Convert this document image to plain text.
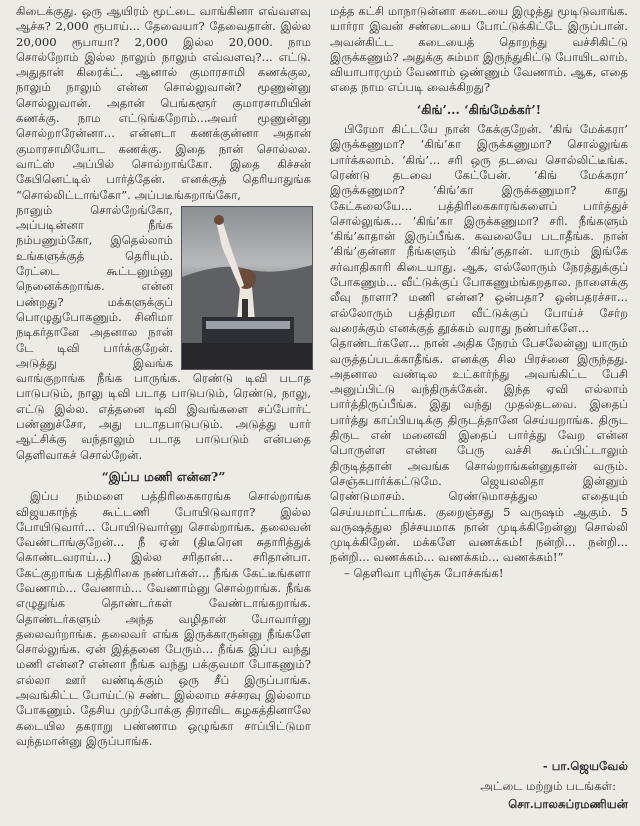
கிடைக்குது. ஒரு ஆயிரம் மூட்டை வாங்கினா எவ்வளவு ஆச்சு? 2,000 ரூபாய்... தேவையா? தேவைதான். இல்ல 20,000 ரூபாயா? 2,000 இல்ல 20,000. நாம சொல்றோம் இல்ல நாலும் நாலும் எவ்வளவு?... எட்டு. அதுதான் கிரைக்ட். ஆனால் குமாரசாமி கணக்குல, நாலும் நாலும் என்ன சொல்லுவான்? மூணுன்னு சொல்லுவான். அதான் பெங்களூர் குமாரசாமியின் கணக்கு. நாம எட்டுங்கறோம்...அவா் மூணுன்னு சொல்றாரேன்னா... என்னடா கணக்குன்னா அதான் குமாரசாமியோட கணக்கு. இதை நான் சொல்லல. வாட்ஸ் அப்பில் சொல்றாங்கோ. இதை கிச்சன் கேபினெட்டில் பார்த்தேன். எனக்குத் தெரியாதுங்க “சொல்லிட்டாங்கோ”. அப்படீங்கறாங்கோ,

நானும் சொல்றேங்கோ, அப்படின்னா நீங்க நம்பணும்கோ, இதெல்லாம் உங்களுக்குத் தெரியும். ரேட்டை கூட்டனும்னு நெனைக்கறாங்க. என்ன பண்றது? மக்களுக்குப் பொழுதுபோகணும். சினிமா நடிகர்தானே அதனால நான் டே டிவி பார்க்குறேன். அடுத்து இவங்க வாங்குறாங்க நீங்க பாருங்க. ரெண்டு டிவி படாத பாடுபடும், நாலு டிவி படாத பாடுபடும், ரெண்டு, நாலு, எட்டு இல்ல. எத்தனை டிவி இவங்களை சப்போர்ட் பண்ணுச்சோ, அது படாதபாடுபடும். அடுத்து யார் ஆட்சிக்கு வந்தாலும் படாத பாடுபடும் என்பதை தெளிவாகச் சொல்றேன்.

“இப்ப மணி என்ன?”

இப்ப நம்மளை பத்திரிகைகாரங்க சொல்றாங்க விஜயகாந்த் கூட்டணி போயிடுவாரா? இல்ல போயிடுவார்... போயிடுவார்னு சொல்றாங்க. தலைவன் வேண்டாங்குறேன்... நீ ஏன் (திடீரென சுதாரித்துக் கொண்டவராய்...) இல்ல சரிதான்... சரிதான்பா. கேட்குறாங்க பத்திரிகை நண்பர்கள்... நீங்க கேட்டீங்களா வேணாம்... வேணாம்... வேணாம்னு சொல்றாங்க. நீங்க எழுதுங்க தொண்டர்கள் வேண்டாங்கறாங்க. தொண்டர்களும் அந்த வழிதான் போவார்னு தலைவர்றாங்க. தலைவர் எங்க இருக்காருன்னு நீங்களே சொல்லுங்க. ஏன் இத்தனை பேரும்... நீங்க இப்ப வந்து மணி என்ன? என்னா நீங்க வந்து பக்குவமா போகணும்? எல்லா ஊர் வண்டிக்கும் ஒரு சீப் இருப்பாங்க. அவங்கிட்ட போய்ட்டு சண்ட இல்லாம சச்சரவு இல்லாம போகணும். தேசிய முற்போக்கு திராவிட கழகத்தினாலே கடையில தகராறு பண்ணாம ஒழுங்கா சாப்பிட்டுமா வந்தமான்னு இருப்பாங்க.

மத்த கட்சி மாநாடுன்னா கடையை இழுத்து மூடிடுவாங்க. யார்ரா இவன் சண்டையை போட்டுக்கிட்டே இருப்பான். அவன்கிட்ட கடையைத் தொறந்து வச்சிகிட்டு இருக்கணும்? அதுக்கு சும்மா இருந்துகிட்டு போயிடலாம். வியாபாரமும் வேணாம் ஒண்ணும் வேணாம். ஆக, எதை எதை நாம எப்படி வைக்கிறது?

‘கிங்’... ‘கிங்மேக்கர்’!

பிரேமா கிட்டயே நான் கேக்குறேன். ‘கிங் மேக்கரா’ இருக்கணுமா? ‘கிங்’கா இருக்கணுமா? சொல்லுங்க பார்க்கலாம். ‘கிங்’... சரி ஒரு தடவை சொல்லிட்டீங்க. ரெண்டு தடவை கேட்பேன். ‘கிங் மேக்கரா’ இருக்கணுமா? ‘கிங்’கா இருக்கணுமா? காது கேட்கலையே... பத்திரிகைகாரங்களைப் பார்த்துச் சொல்லுங்க... ‘கிங்’கா இருக்கணுமா? சரி. நீங்களும் ‘கிங்’காதான் இருப்பீங்க. கவலையே படாதீங்க. நான் ‘கிங்’குன்னா நீங்களும் ‘கிங்’குதான். யாரும் இங்கே சர்வாதிகாரி கிடையாது. ஆக, எல்லோரும் நேரத்துக்குப் போகணும்... வீட்டுக்குப் போகணும்ங்கறதால. நாளைக்கு லீவு நாளா? மணி என்ன? ஒன்பதா? ஒன்பதரச்சா... எல்லோரும் பத்திரமா வீட்டுக்குப் போய்ச் சேர்ற வரைக்கும் எனக்குத் தூக்கம் வராது நண்பர்களே...

தொண்டர்களே... நான் அதிக நேரம் பேசலேன்னு யாரும் வருத்தப்படக்காதீங்க. எனக்கு சில பிரச்னை இருந்தது. அதனால வண்டில உட்கார்ந்து அவங்கிட்ட பேசி அனுப்பிட்டு வந்திருக்கேன். இந்த ஏவி எல்லாம் பார்த்திருப்பீங்க. இது வந்து முதல்தடவை. இதைப் பார்த்து காப்பியடிக்கு திருடத்தானே செய்யறாங்க. திருட திருட என் மனைவி இதைப் பார்த்து வேற என்ன பொருள்ள என்ன பேரு வச்சி கூப்பிட்டாலும் திருடித்தான் அவங்க சொல்றாங்கன்னுதான் வரும். செஞ்சுபார்க்கட்டுமே. ஜெயலலிதா இன்னும் ரெண்டுமாசம். ரெண்டுமாசத்துல எதையும் செய்யமாட்டாங்க. குறைஞ்சது 5 வருஷம் ஆகும். 5 வருஷத்துல நிச்சயமாக நான் முடிக்கிறேன்னு சொல்லி முடிக்கிறேன். மக்களே வணக்கம்! நன்றி... நன்றி... நன்றி... வணக்கம்... வணக்கம்... வணக்கம்!”

– தெளிவா புரிஞ்சு போச்சுங்க!

- பா.ஜெயவேல்
அட்டை மற்றும் படங்கள்:
சொ.பாலசுப்ரமணியன்
